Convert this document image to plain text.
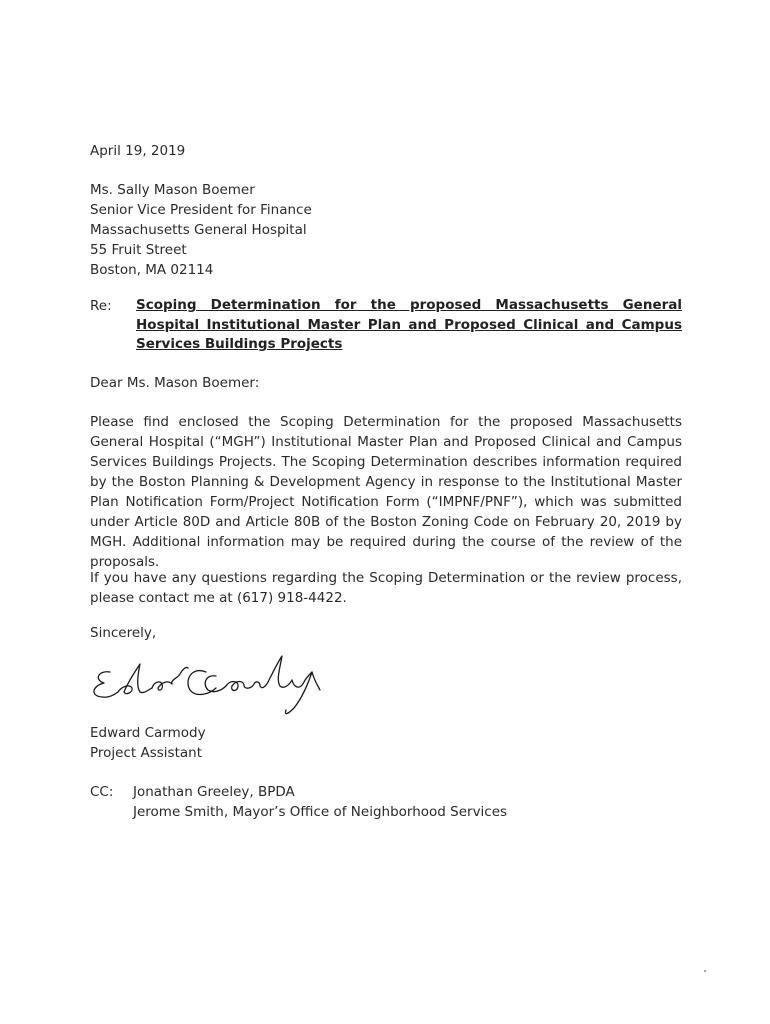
April 19, 2019
Ms. Sally Mason Boemer
Senior Vice President for Finance
Massachusetts General Hospital
55 Fruit Street
Boston, MA 02114
Re: Scoping Determination for the proposed Massachusetts General Hospital Institutional Master Plan and Proposed Clinical and Campus Services Buildings Projects
Dear Ms. Mason Boemer:
Please find enclosed the Scoping Determination for the proposed Massachusetts General Hospital (“MGH”) Institutional Master Plan and Proposed Clinical and Campus Services Buildings Projects. The Scoping Determination describes information required by the Boston Planning & Development Agency in response to the Institutional Master Plan Notification Form/Project Notification Form (“IMPNF/PNF”), which was submitted under Article 80D and Article 80B of the Boston Zoning Code on February 20, 2019 by MGH. Additional information may be required during the course of the review of the proposals.
If you have any questions regarding the Scoping Determination or the review process, please contact me at (617) 918-4422.
Sincerely,
Edward Carmody
Project Assistant
CC: Jonathan Greeley, BPDA
Jerome Smith, Mayor’s Office of Neighborhood Services
